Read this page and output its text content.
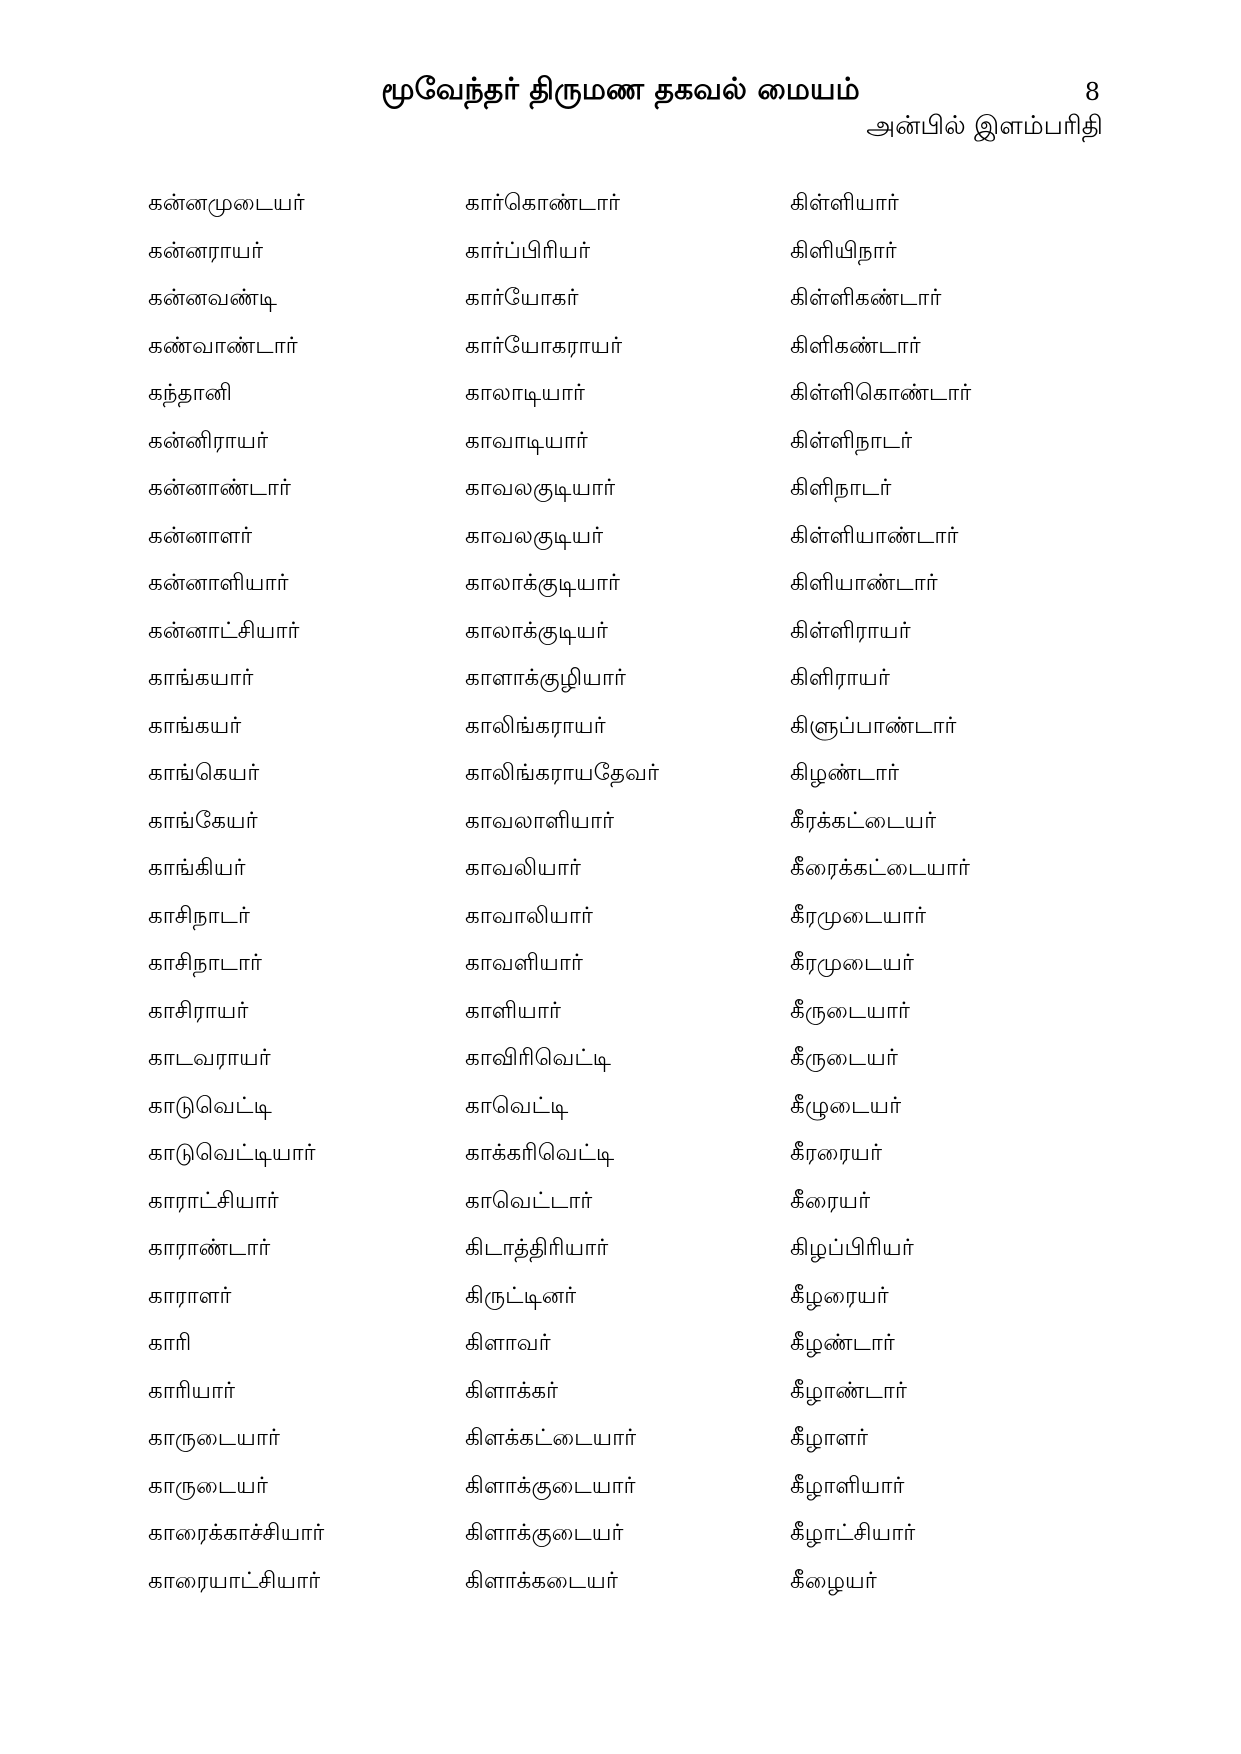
மூவேந்தர் திருமண தகவல் மையம்	8
அன்பில் இளம்பரிதி
கன்னமுடையர்
கன்னராயர்
கன்னவண்டி
கண்வாண்டார்
கந்தானி
கன்னிராயர்
கன்னாண்டார்
கன்னாளர்
கன்னாளியார்
கன்னாட்சியார்
காங்கயார்
காங்கயர்
காங்கெயர்
காங்கேயர்
காங்கியர்
காசிநாடர்
காசிநாடார்
காசிராயர்
காடவராயர்
காடுவெட்டி
காடுவெட்டியார்
காராட்சியார்
காராண்டார்
காராளர்
காரி
காரியார்
காருடையார்
காருடையர்
காரைக்காச்சியார்
காரையாட்சியார்
கார்கொண்டார்
கார்ப்பிரியர்
கார்யோகர்
கார்யோகராயர்
காலாடியார்
காவாடியார்
காவலகுடியார்
காவலகுடியர்
காலாக்குடியார்
காலாக்குடியர்
காளாக்குழியார்
காலிங்கராயர்
காலிங்கராயதேவர்
காவலாளியார்
காவலியார்
காவாலியார்
காவளியார்
காளியார்
காவிரிவெட்டி
காவெட்டி
காக்கரிவெட்டி
காவெட்டார்
கிடாத்திரியார்
கிருட்டினர்
கிளாவர்
கிளாக்கர்
கிளக்கட்டையார்
கிளாக்குடையார்
கிளாக்குடையர்
கிளாக்கடையர்
கிள்ளியார்
கிளியிநார்
கிள்ளிகண்டார்
கிளிகண்டார்
கிள்ளிகொண்டார்
கிள்ளிநாடர்
கிளிநாடர்
கிள்ளியாண்டார்
கிளியாண்டார்
கிள்ளிராயர்
கிளிராயர்
கிளுப்பாண்டார்
கிழண்டார்
கீரக்கட்டையர்
கீரைக்கட்டையார்
கீரமுடையார்
கீரமுடையர்
கீருடையார்
கீருடையர்
கீழுடையர்
கீரரையர்
கீரையர்
கிழப்பிரியர்
கீழரையர்
கீழண்டார்
கீழாண்டார்
கீழாளர்
கீழாளியார்
கீழாட்சியார்
கீழையர்
